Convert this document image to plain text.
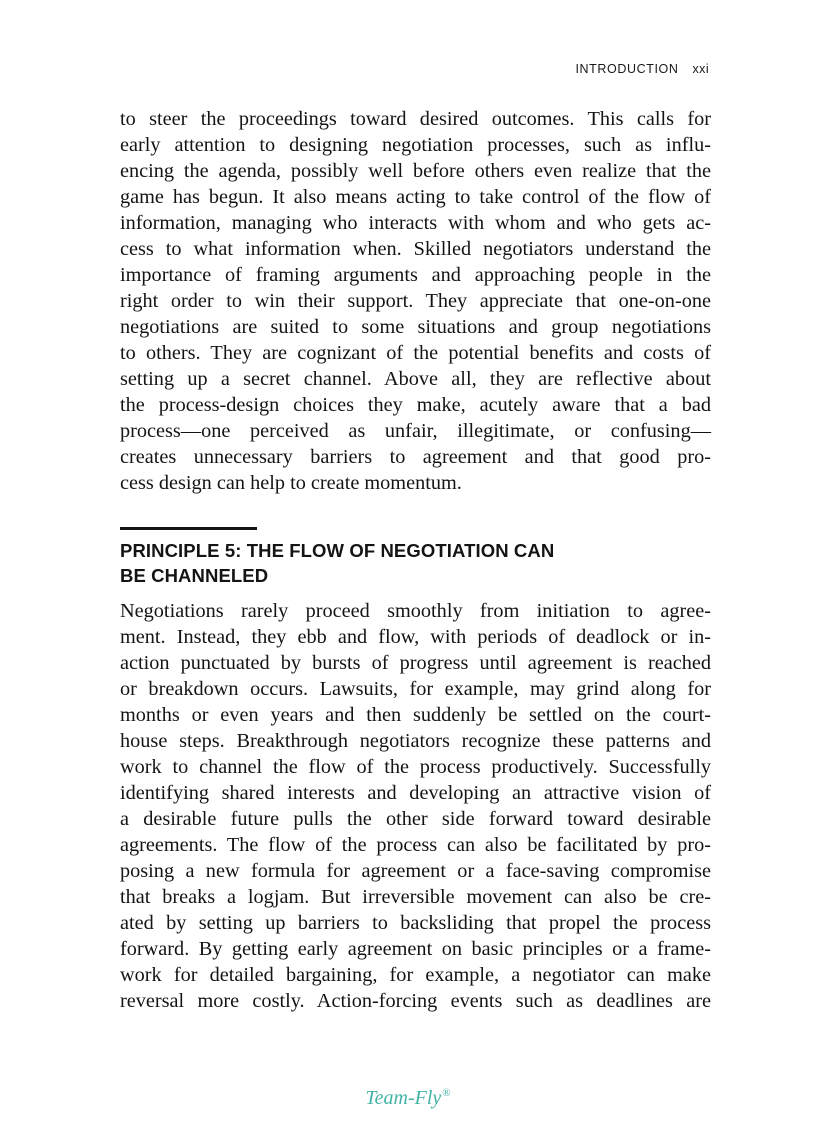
INTRODUCTION xxi
to steer the proceedings toward desired outcomes. This calls for
early attention to designing negotiation processes, such as influ-
encing the agenda, possibly well before others even realize that the
game has begun. It also means acting to take control of the flow of
information, managing who interacts with whom and who gets ac-
cess to what information when. Skilled negotiators understand the
importance of framing arguments and approaching people in the
right order to win their support. They appreciate that one-on-one
negotiations are suited to some situations and group negotiations
to others. They are cognizant of the potential benefits and costs of
setting up a secret channel. Above all, they are reflective about
the process-design choices they make, acutely aware that a bad
process—one perceived as unfair, illegitimate, or confusing—
creates unnecessary barriers to agreement and that good pro-
cess design can help to create momentum.
PRINCIPLE 5: THE FLOW OF NEGOTIATION CAN
BE CHANNELED
Negotiations rarely proceed smoothly from initiation to agree-
ment. Instead, they ebb and flow, with periods of deadlock or in-
action punctuated by bursts of progress until agreement is reached
or breakdown occurs. Lawsuits, for example, may grind along for
months or even years and then suddenly be settled on the court-
house steps. Breakthrough negotiators recognize these patterns and
work to channel the flow of the process productively. Successfully
identifying shared interests and developing an attractive vision of
a desirable future pulls the other side forward toward desirable
agreements. The flow of the process can also be facilitated by pro-
posing a new formula for agreement or a face-saving compromise
that breaks a logjam. But irreversible movement can also be cre-
ated by setting up barriers to backsliding that propel the process
forward. By getting early agreement on basic principles or a frame-
work for detailed bargaining, for example, a negotiator can make
reversal more costly. Action-forcing events such as deadlines are
Team-Fly®
